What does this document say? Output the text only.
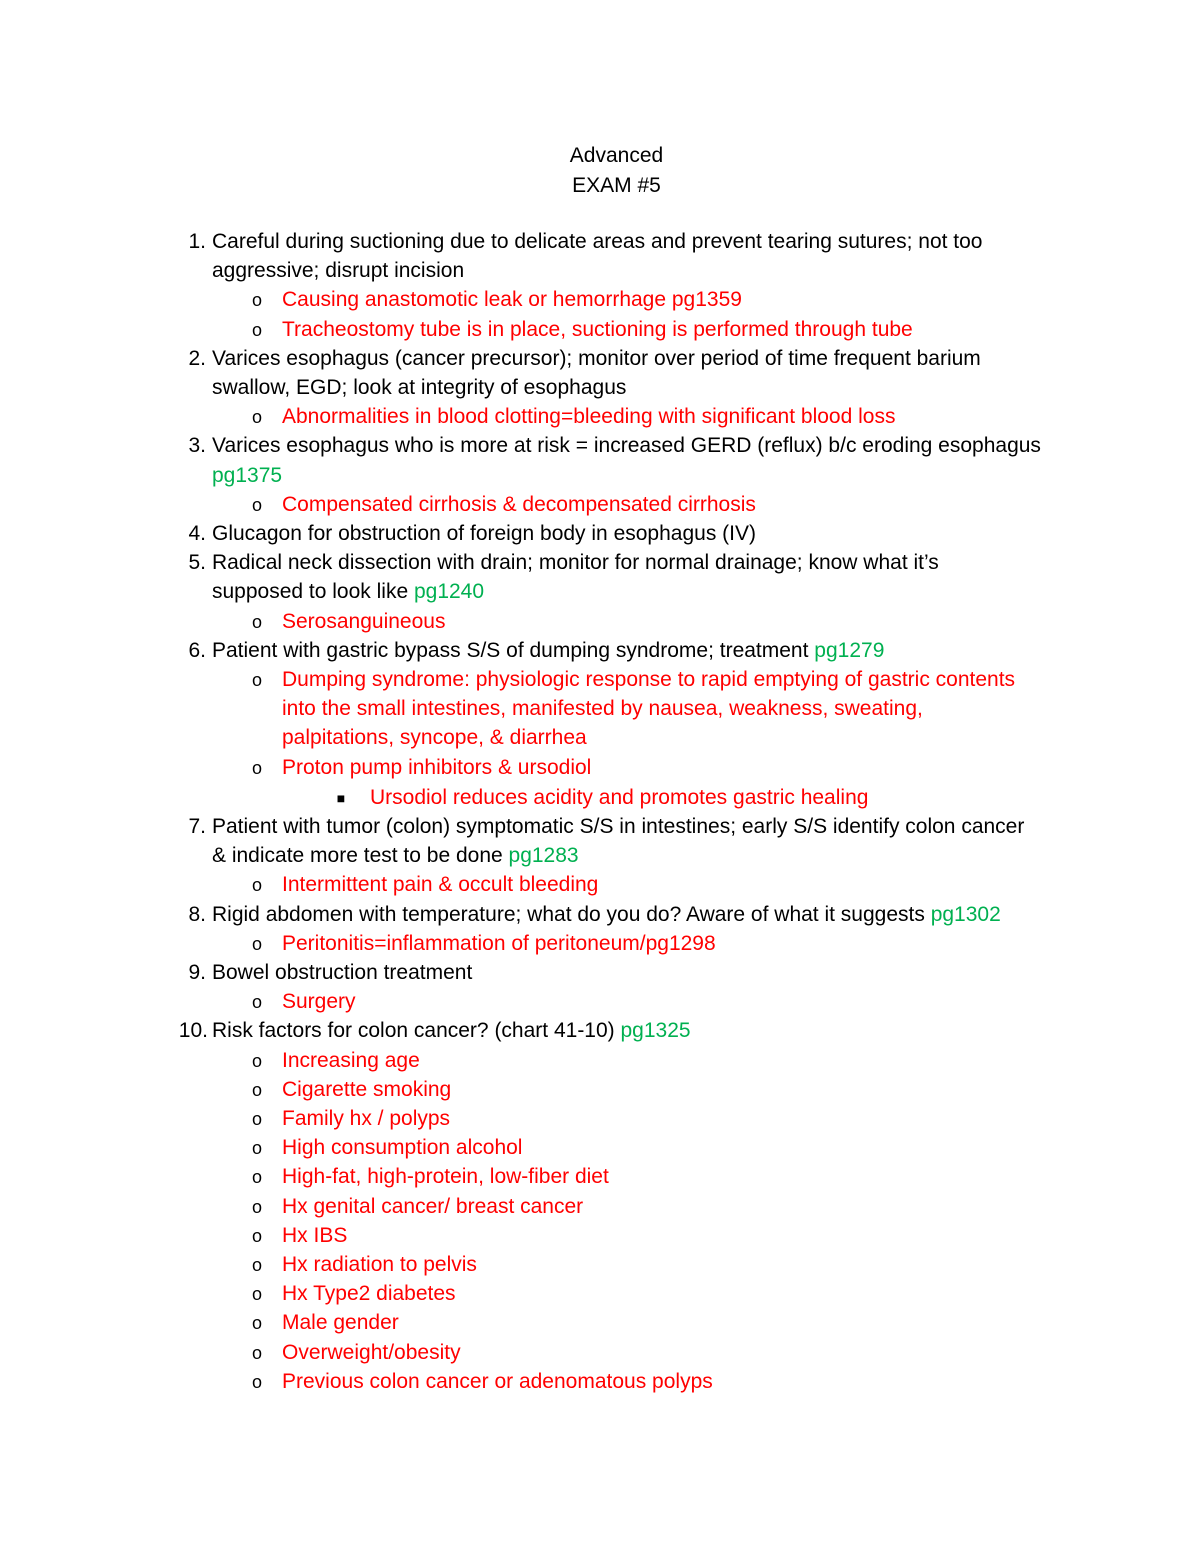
Advanced
EXAM #5
1. Careful during suctioning due to delicate areas and prevent tearing sutures; not too
aggressive; disrupt incision
o Causing anastomotic leak or hemorrhage pg1359
o Tracheostomy tube is in place, suctioning is performed through tube
2. Varices esophagus (cancer precursor); monitor over period of time frequent barium
swallow, EGD; look at integrity of esophagus
o Abnormalities in blood clotting=bleeding with significant blood loss
3. Varices esophagus who is more at risk = increased GERD (reflux) b/c eroding esophagus
pg1375
o Compensated cirrhosis & decompensated cirrhosis
4. Glucagon for obstruction of foreign body in esophagus (IV)
5. Radical neck dissection with drain; monitor for normal drainage; know what it’s
supposed to look like pg1240
o Serosanguineous
6. Patient with gastric bypass S/S of dumping syndrome; treatment pg1279
o Dumping syndrome: physiologic response to rapid emptying of gastric contents
into the small intestines, manifested by nausea, weakness, sweating,
palpitations, syncope, & diarrhea
o Proton pump inhibitors & ursodiol
■ Ursodiol reduces acidity and promotes gastric healing
7. Patient with tumor (colon) symptomatic S/S in intestines; early S/S identify colon cancer
& indicate more test to be done pg1283
o Intermittent pain & occult bleeding
8. Rigid abdomen with temperature; what do you do? Aware of what it suggests pg1302
o Peritonitis=inflammation of peritoneum/pg1298
9. Bowel obstruction treatment
o Surgery
10. Risk factors for colon cancer? (chart 41-10) pg1325
o Increasing age
o Cigarette smoking
o Family hx / polyps
o High consumption alcohol
o High-fat, high-protein, low-fiber diet
o Hx genital cancer/ breast cancer
o Hx IBS
o Hx radiation to pelvis
o Hx Type2 diabetes
o Male gender
o Overweight/obesity
o Previous colon cancer or adenomatous polyps
